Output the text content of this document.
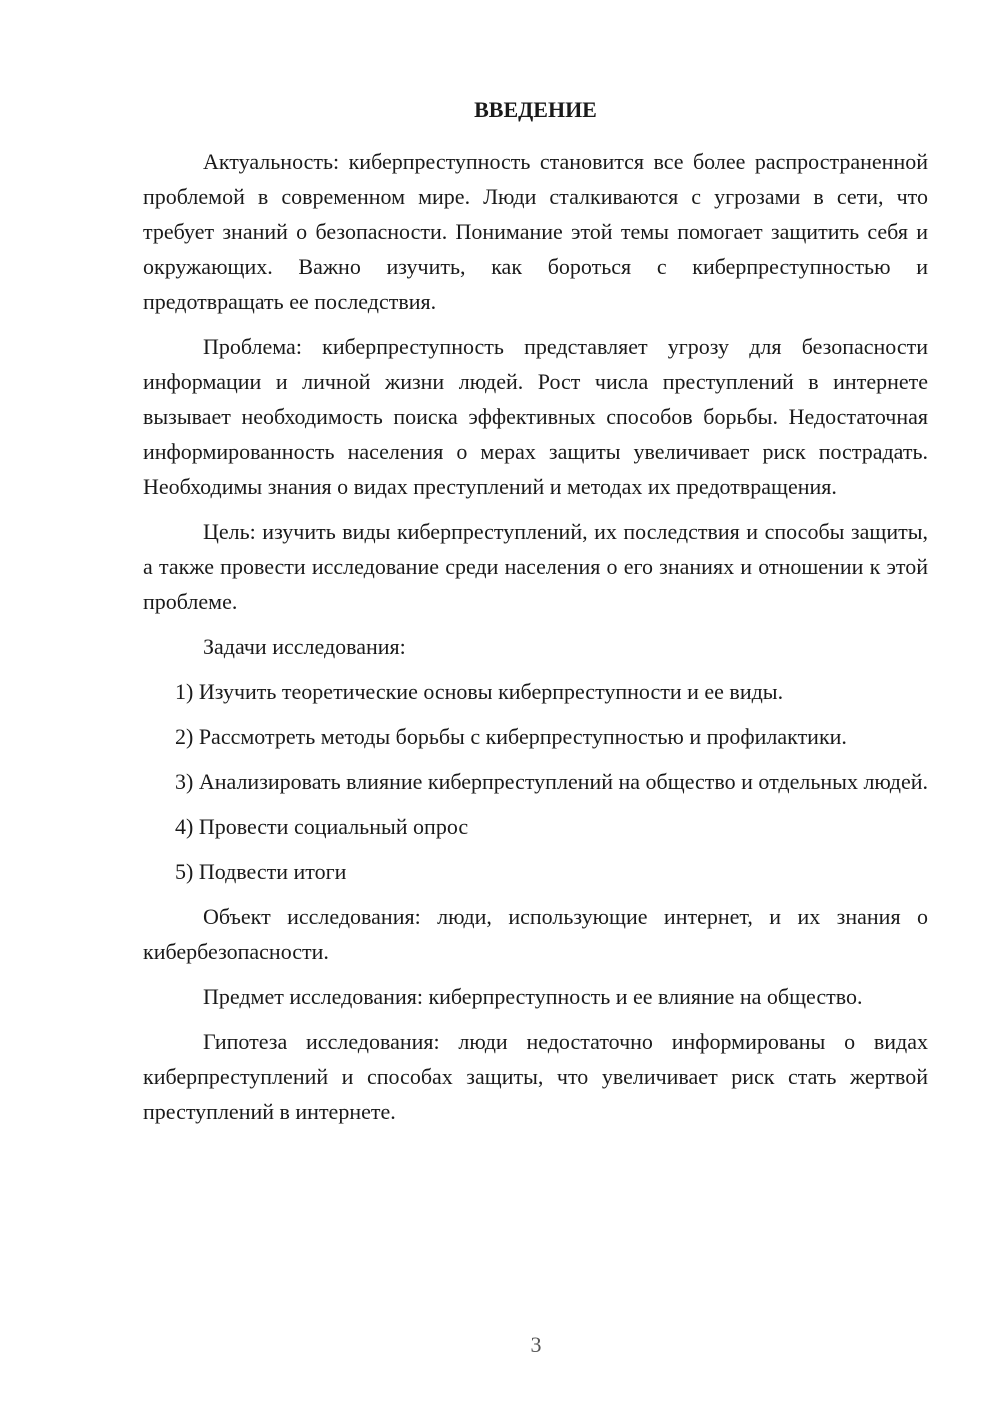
ВВЕДЕНИЕ

Актуальность: киберпреступность становится все более распространенной проблемой в современном мире. Люди сталкиваются с угрозами в сети, что требует знаний о безопасности. Понимание этой темы помогает защитить себя и окружающих. Важно изучить, как бороться с киберпреступностью и предотвращать ее последствия.

Проблема: киберпреступность представляет угрозу для безопасности информации и личной жизни людей. Рост числа преступлений в интернете вызывает необходимость поиска эффективных способов борьбы. Недостаточная информированность населения о мерах защиты увеличивает риск пострадать. Необходимы знания о видах преступлений и методах их предотвращения.

Цель: изучить виды киберпреступлений, их последствия и способы защиты, а также провести исследование среди населения о его знаниях и отношении к этой проблеме.

Задачи исследования:

1) Изучить теоретические основы киберпреступности и ее виды.

2) Рассмотреть методы борьбы с киберпреступностью и профилактики.

3) Анализировать влияние киберпреступлений на общество и отдельных людей.

4) Провести социальный опрос

5) Подвести итоги

Объект исследования: люди, использующие интернет, и их знания о кибербезопасности.

Предмет исследования: киберпреступность и ее влияние на общество.

Гипотеза исследования: люди недостаточно информированы о видах киберпреступлений и способах защиты, что увеличивает риск стать жертвой преступлений в интернете.

3
